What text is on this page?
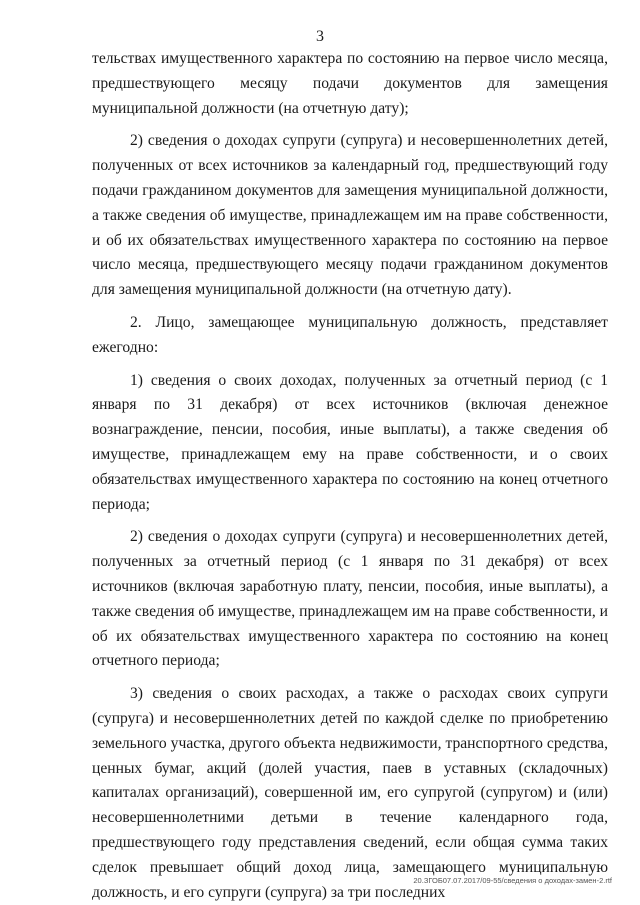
3

тельствах имущественного характера по состоянию на первое число месяца, предшествующего месяцу подачи документов для замещения муниципальной должности (на отчетную дату);

2) сведения о доходах супруги (супруга) и несовершеннолетних детей, полученных от всех источников за календарный год, предшествующий году подачи гражданином документов для замещения муниципальной должности, а также сведения об имуществе, принадлежащем им на праве собственности, и об их обязательствах имущественного характера по состоянию на первое число месяца, предшествующего месяцу подачи гражданином документов для замещения муниципальной должности (на отчетную дату).

2. Лицо, замещающее муниципальную должность, представляет ежегодно:

1) сведения о своих доходах, полученных за отчетный период (с 1 января по 31 декабря) от всех источников (включая денежное вознаграждение, пенсии, пособия, иные выплаты), а также сведения об имуществе, принадлежащем ему на праве собственности, и о своих обязательствах имущественного характера по состоянию на конец отчетного периода;

2) сведения о доходах супруги (супруга) и несовершеннолетних детей, полученных за отчетный период (с 1 января по 31 декабря) от всех источников (включая заработную плату, пенсии, пособия, иные выплаты), а также сведения об имуществе, принадлежащем им на праве собственности, и об их обязательствах имущественного характера по состоянию на конец отчетного периода;

3) сведения о своих расходах, а также о расходах своих супруги (супруга) и несовершеннолетних детей по каждой сделке по приобретению земельного участка, другого объекта недвижимости, транспортного средства, ценных бумаг, акций (долей участия, паев в уставных (складочных) капиталах организаций), совершенной им, его супругой (супругом) и (или) несовершеннолетними детьми в течение календарного года, предшествующего году представления сведений, если общая сумма таких сделок превышает общий доход лица, замещающего муниципальную должность, и его супруги (супруга) за три последних

20.ЗГОБ07.07.2017/09-55/сведения о доходах-замен-2.rtf
